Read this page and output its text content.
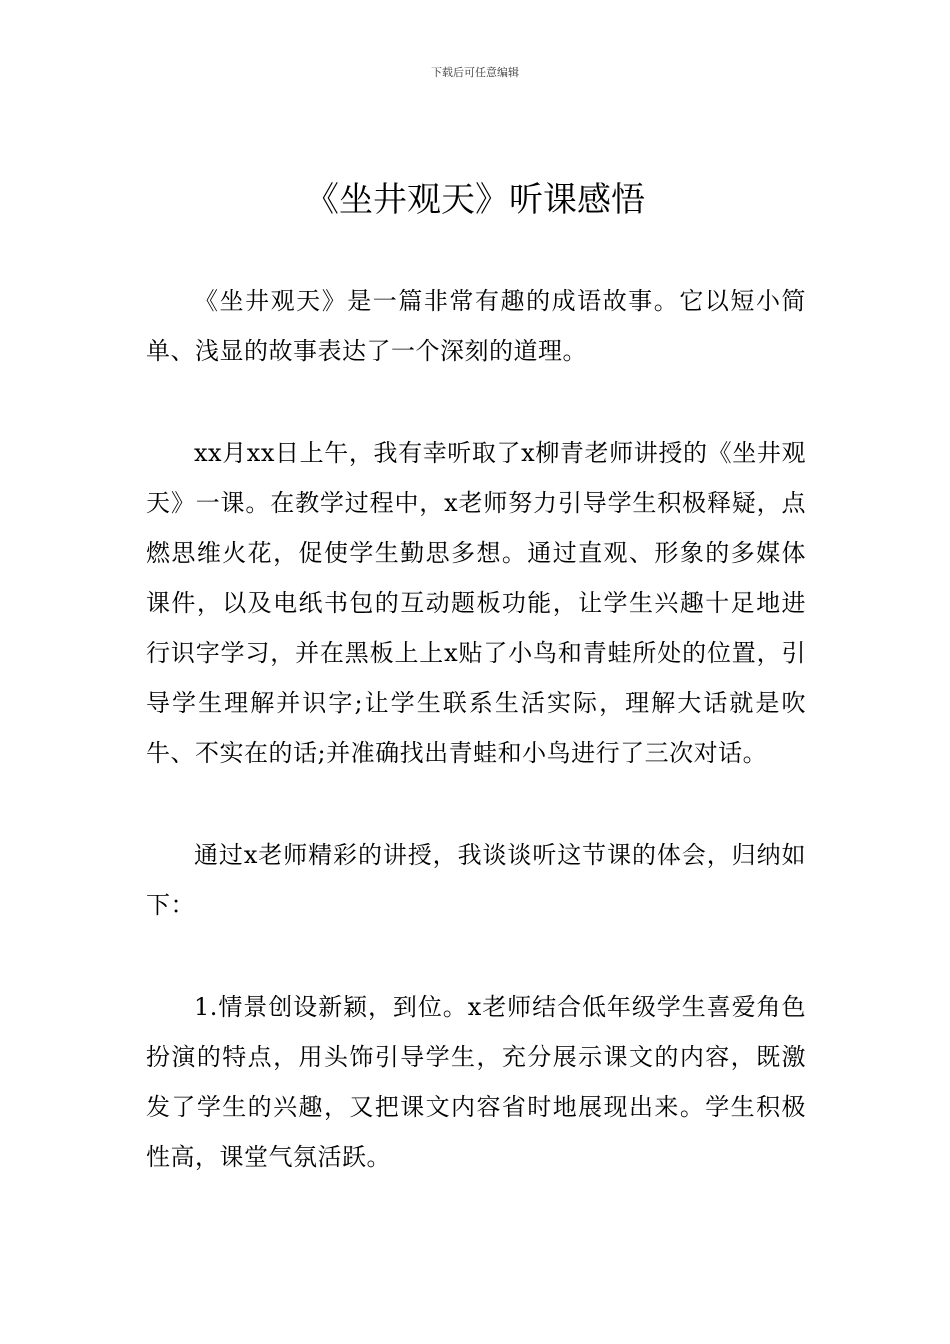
下载后可任意编辑
《坐井观天》听课感悟

《坐井观天》是一篇非常有趣的成语故事。它以短小简单、浅显的故事表达了一个深刻的道理。

xx月xx日上午，我有幸听取了x柳青老师讲授的《坐井观天》一课。在教学过程中，x老师努力引导学生积极释疑，点燃思维火花，促使学生勤思多想。通过直观、形象的多媒体课件，以及电纸书包的互动题板功能，让学生兴趣十足地进行识字学习，并在黑板上上x贴了小鸟和青蛙所处的位置，引导学生理解并识字;让学生联系生活实际，理解大话就是吹牛、不实在的话;并准确找出青蛙和小鸟进行了三次对话。

通过x老师精彩的讲授，我谈谈听这节课的体会，归纳如下：

1.情景创设新颖，到位。x老师结合低年级学生喜爱角色扮演的特点，用头饰引导学生，充分展示课文的内容，既激发了学生的兴趣，又把课文内容省时地展现出来。学生积极性高，课堂气氛活跃。
